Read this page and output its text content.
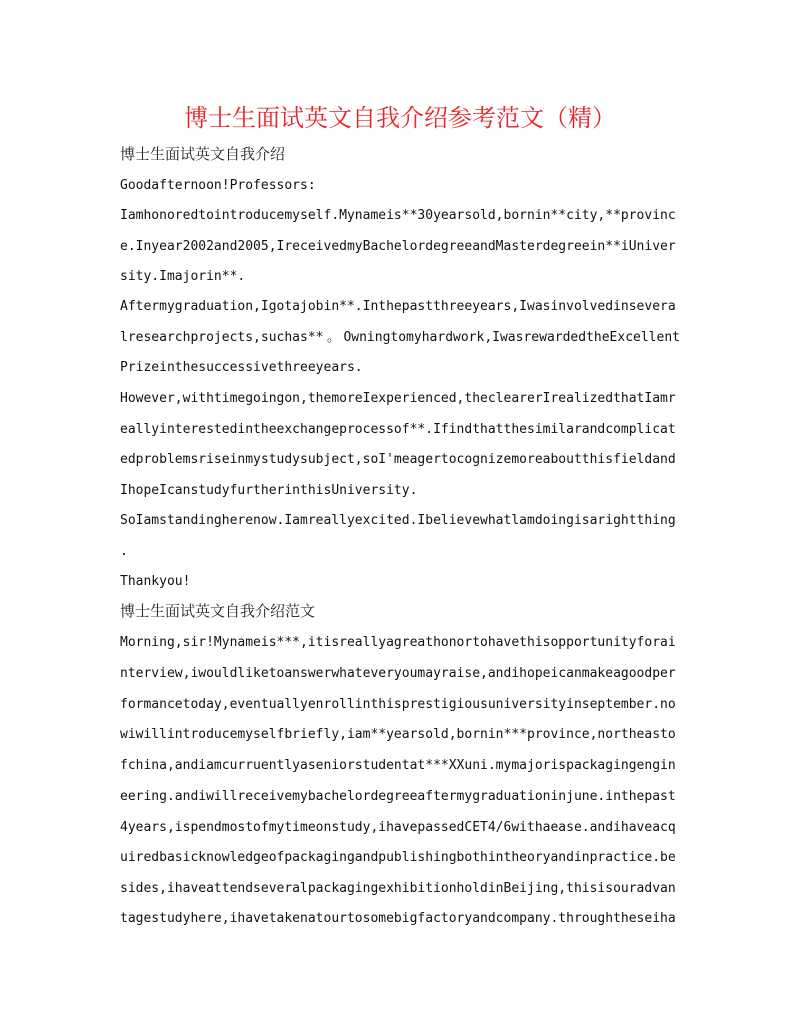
博士生面试英文自我介绍参考范文（精）

博士生面试英文自我介绍

Goodafternoon!Professors:

Iamhonoredtointroducemyself.Mynameis**30yearsold,bornin**city,**provinc

e.Inyear2002and2005,IreceivedmyBachelordegreeandMasterdegreein**iUniver

sity.Imajorin**.

Aftermygraduation,Igotajobin**.Inthepastthreeyears,Iwasinvolvedinsevera

lresearchprojects,suchas**。Owningtomyhardwork,IwasrewardedtheExcellent

Prizeinthesuccessivethreeyears.

However,withtimegoingon,themoreIexperienced,theclearerIrealizedthatIamr

eallyinterestedintheexchangeprocessof**.Ifindthatthesimilarandcomplicat

edproblemsriseinmystudysubject,soI'meagertocognizemoreaboutthisfieldand

IhopeIcanstudyfurtherinthisUniversity.

SoIamstandingherenow.Iamreallyexcited.Ibelievewhatlamdoingisarightthing

.

Thankyou!

博士生面试英文自我介绍范文

Morning,sir!Mynameis***,itisreallyagreathonortohavethisopportunityforai

nterview,iwouldliketoanswerwhateveryoumayraise,andihopeicanmakeagoodper

formancetoday,eventuallyenrollinthisprestigiousuniversityinseptember.no

wiwillintroducemyselfbriefly,iam**yearsold,bornin***province,northeasto

fchina,andiamcurruentlyaseniorstudentat***XXuni.mymajorispackagingengin

eering.andiwillreceivemybachelordegreeaftermygraduationinjune.inthepast

4years,ispendmostofmytimeonstudy,ihavepassedCET4/6withaease.andihaveacq

uiredbasicknowledgeofpackagingandpublishingbothintheoryandinpractice.be

sides,ihaveattendseveralpackagingexhibitionholdinBeijing,thisisouradvan

tagestudyhere,ihavetakenatourtosomebigfactoryandcompany.throughtheseiha
